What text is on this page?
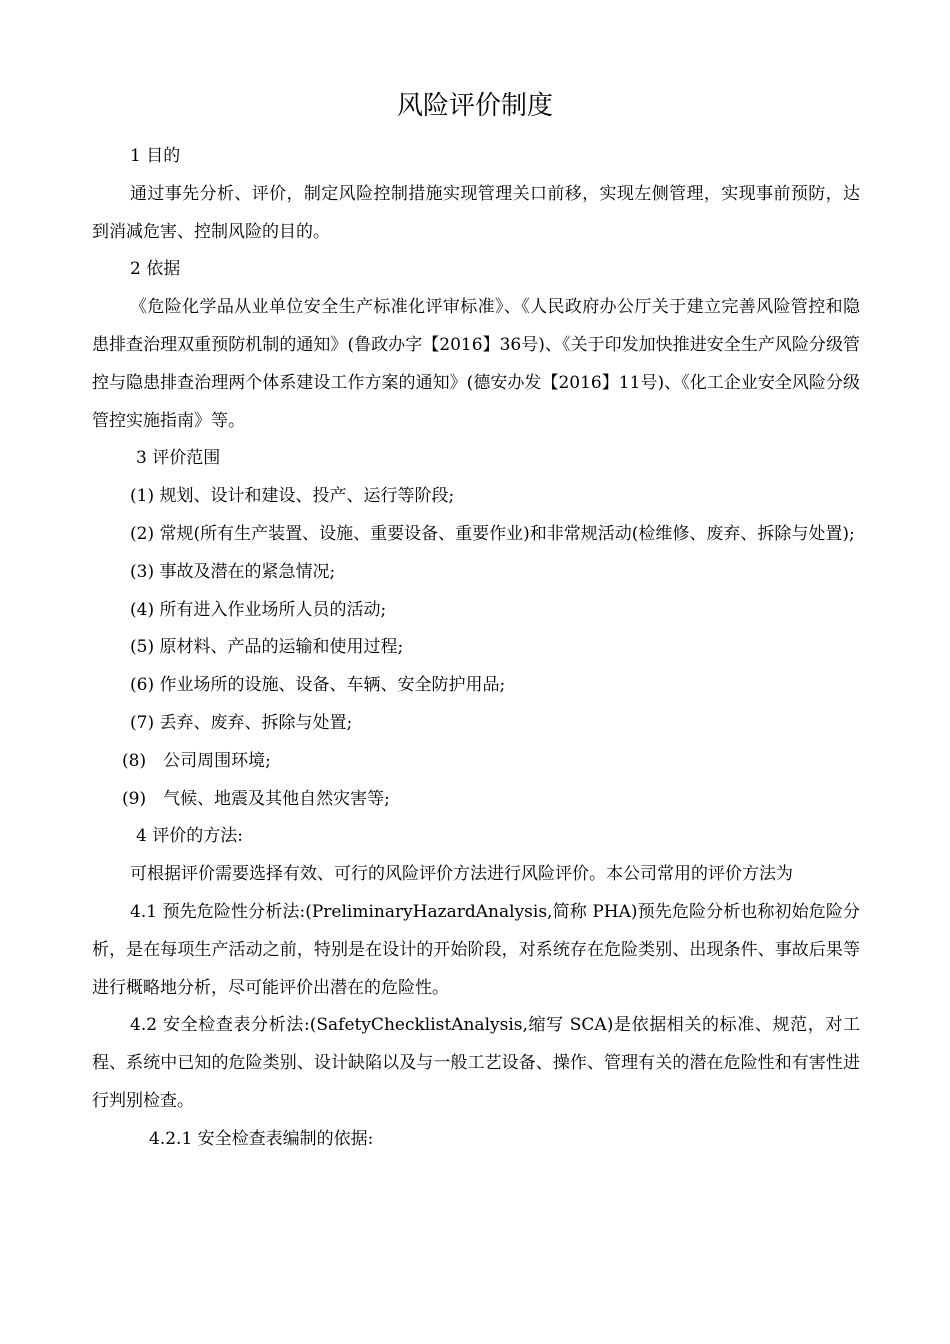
风险评价制度

1 目的

通过事先分析、评价，制定风险控制措施实现管理关口前移，实现左侧管理，实现事前预防，达到消减危害、控制风险的目的。

2 依据

《危险化学品从业单位安全生产标准化评审标准》、《人民政府办公厅关于建立完善风险管控和隐患排查治理双重预防机制的通知》(鲁政办字【2016】36号)、《关于印发加快推进安全生产风险分级管控与隐患排查治理两个体系建设工作方案的通知》(德安办发【2016】11号)、《化工企业安全风险分级管控实施指南》等。

3 评价范围

(1) 规划、设计和建设、投产、运行等阶段;

(2) 常规(所有生产装置、设施、重要设备、重要作业)和非常规活动(检维修、废弃、拆除与处置);

(3) 事故及潜在的紧急情况;

(4) 所有进入作业场所人员的活动;

(5) 原材料、产品的运输和使用过程;

(6) 作业场所的设施、设备、车辆、安全防护用品;

(7) 丢弃、废弃、拆除与处置;

(8)　公司周围环境;

(9)　气候、地震及其他自然灾害等;

4 评价的方法:

可根据评价需要选择有效、可行的风险评价方法进行风险评价。本公司常用的评价方法为

4.1 预先危险性分析法:(PreliminaryHazardAnalysis,简称 PHA)预先危险分析也称初始危险分析，是在每项生产活动之前，特别是在设计的开始阶段，对系统存在危险类别、出现条件、事故后果等进行概略地分析，尽可能评价出潜在的危险性。

4.2 安全检查表分析法:(SafetyChecklistAnalysis,缩写 SCA)是依据相关的标准、规范，对工程、系统中已知的危险类别、设计缺陷以及与一般工艺设备、操作、管理有关的潜在危险性和有害性进行判别检查。

4.2.1 安全检查表编制的依据:
